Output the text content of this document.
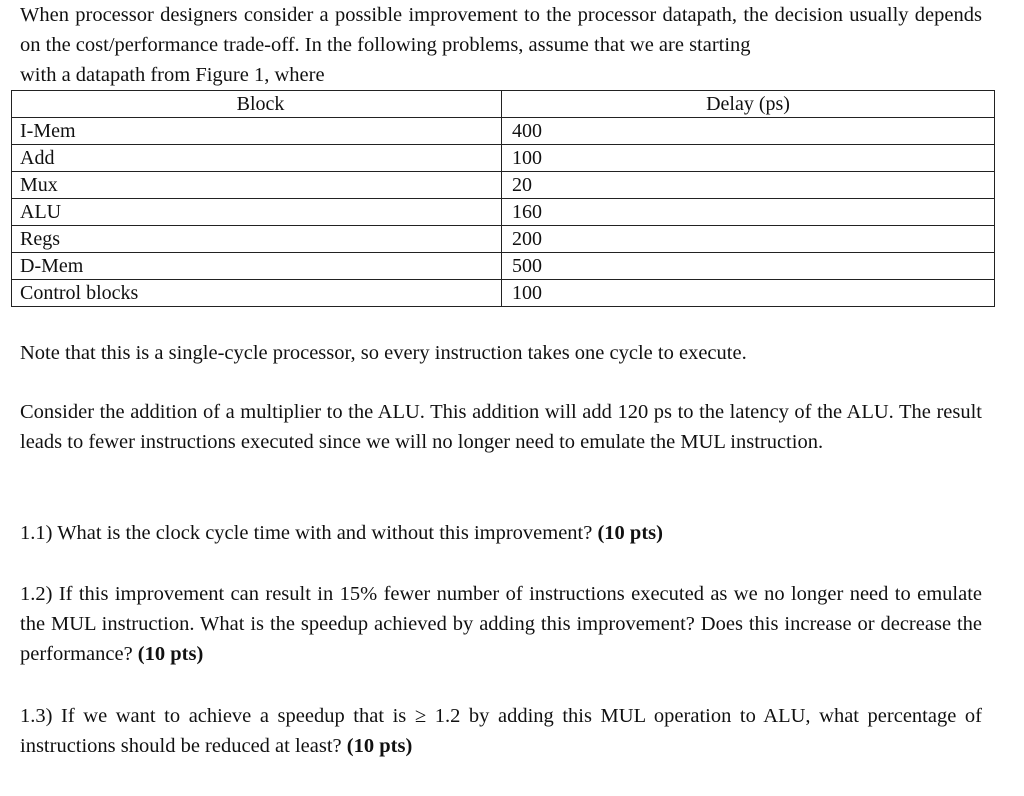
When processor designers consider a possible improvement to the processor datapath, the decision usually depends on the cost/performance trade-off. In the following problems, assume that we are starting
with a datapath from Figure 1, where

Block	Delay (ps)
I-Mem	400
Add	100
Mux	20
ALU	160
Regs	200
D-Mem	500
Control blocks	100

Note that this is a single-cycle processor, so every instruction takes one cycle to execute.

Consider the addition of a multiplier to the ALU. This addition will add 120 ps to the latency of the ALU. The result leads to fewer instructions executed since we will no longer need to emulate the MUL instruction.

1.1) What is the clock cycle time with and without this improvement? (10 pts)

1.2) If this improvement can result in 15% fewer number of instructions executed as we no longer need to emulate the MUL instruction. What is the speedup achieved by adding this improvement? Does this increase or decrease the performance? (10 pts)

1.3) If we want to achieve a speedup that is ≥ 1.2 by adding this MUL operation to ALU, what percentage of instructions should be reduced at least? (10 pts)
